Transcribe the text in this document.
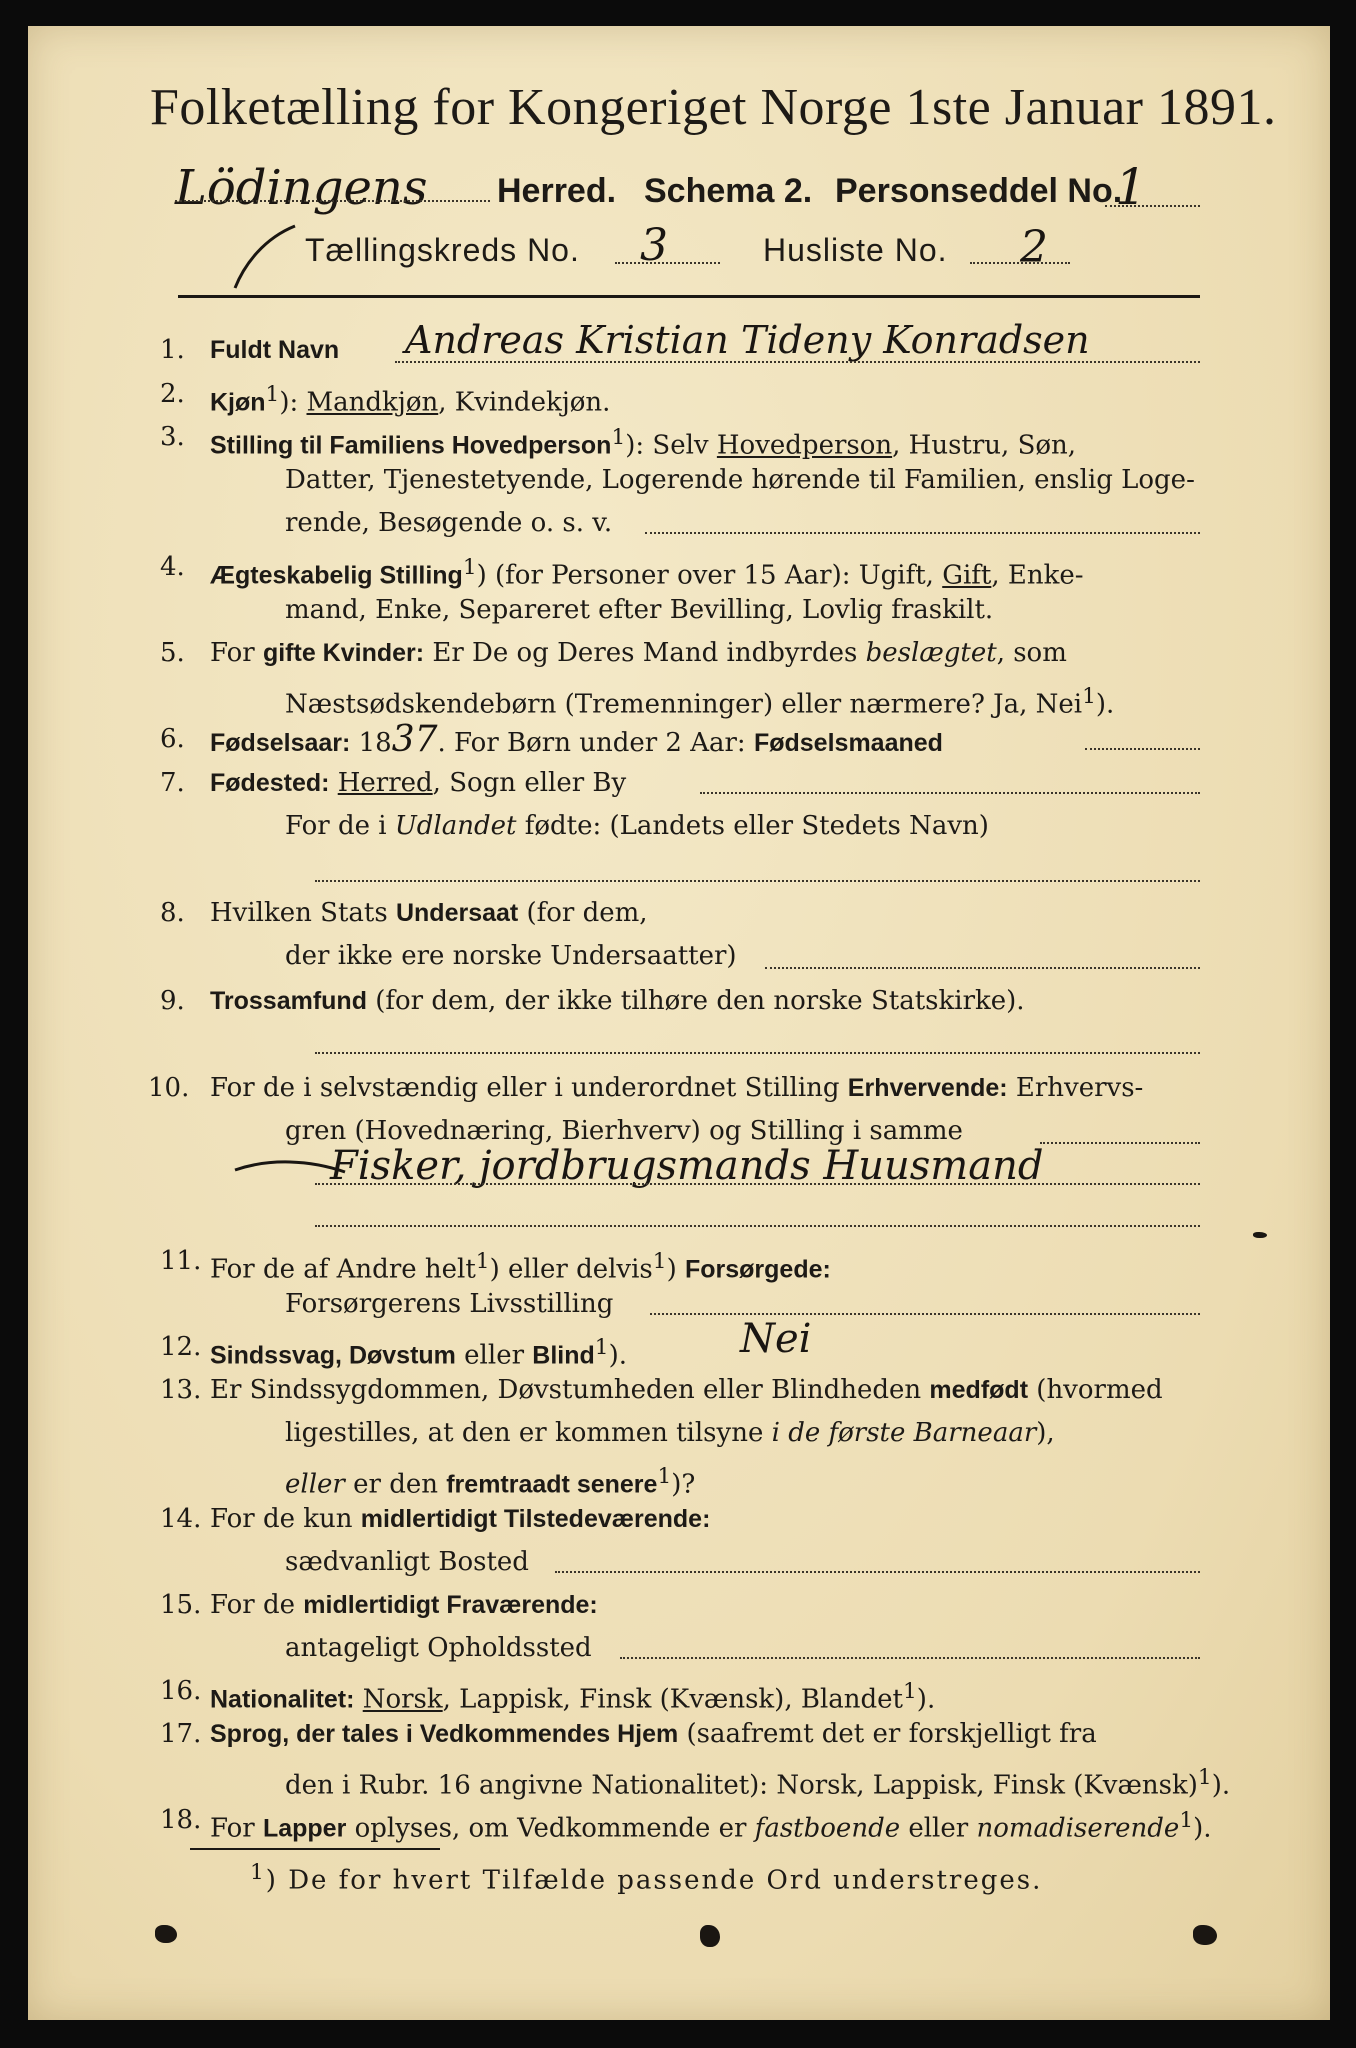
Folketælling for Kongeriget Norge 1ste Januar 1891.
Lödingens Herred. Schema 2. Personseddel No.
1
Tællingskreds No. 3	Husliste No. 2
1. Fuldt Navn Andreas Kristian Tideny Konradsen
2. Kjøn$^1$): Mandkjøn, Kvindekjøn.
3. Stilling til Familiens Hovedperson$^1$): Selv Hovedperson, Hustru, Søn,
Datter, Tjenestetyende, Logerende hørende til Familien, enslig Loge-
rende, Besøgende o. s. v.
4. Ægteskabelig Stilling$^1$) (for Personer over 15 Aar): Ugift, Gift, Enke-
mand, Enke, Separeret efter Bevilling, Lovlig fraskilt.
5. For gifte Kvinder: Er De og Deres Mand indbyrdes beslægtet, som
Næstsødskendebørn (Tremenninger) eller nærmere? Ja, Nei$^1$).
6. Fødselsaar: 1837. For Børn under 2 Aar: Fødselsmaaned
7. Fødested: Herred, Sogn eller By
For de i Udlandet fødte: (Landets eller Stedets Navn)
8. Hvilken Stats Undersaat (for dem,
der ikke ere norske Undersaatter)
9. Trossamfund (for dem, der ikke tilhøre den norske Statskirke).
10. For de i selvstændig eller i underordnet Stilling Erhvervende: Erhvervs-
gren (Hovednæring, Bierhverv) og Stilling i samme
Fisker, jordbrugsmands Huusmand
11. For de af Andre helt$^1$) eller delvis$^1$) Forsørgede:
Forsørgerens Livsstilling
12. Sindssvag, Døvstum eller Blind$^1$).	Nei
13. Er Sindssygdommen, Døvstumheden eller Blindheden medfødt (hvormed
ligestilles, at den er kommen tilsyne i de første Barneaar),
eller er den fremtraadt senere$^1$)?
14. For de kun midlertidigt Tilstedeværende:
sædvanligt Bosted
15. For de midlertidigt Fraværende:
antageligt Opholdssted
16. Nationalitet: Norsk, Lappisk, Finsk (Kvænsk), Blandet$^1$).
17. Sprog, der tales i Vedkommendes Hjem (saafremt det er forskjelligt fra
den i Rubr. 16 angivne Nationalitet): Norsk, Lappisk, Finsk (Kvænsk)$^1$).
18. For Lapper oplyses, om Vedkommende er fastboende eller nomadiserende$^1$).
$^1$) De for hvert Tilfælde passende Ord understreges.
